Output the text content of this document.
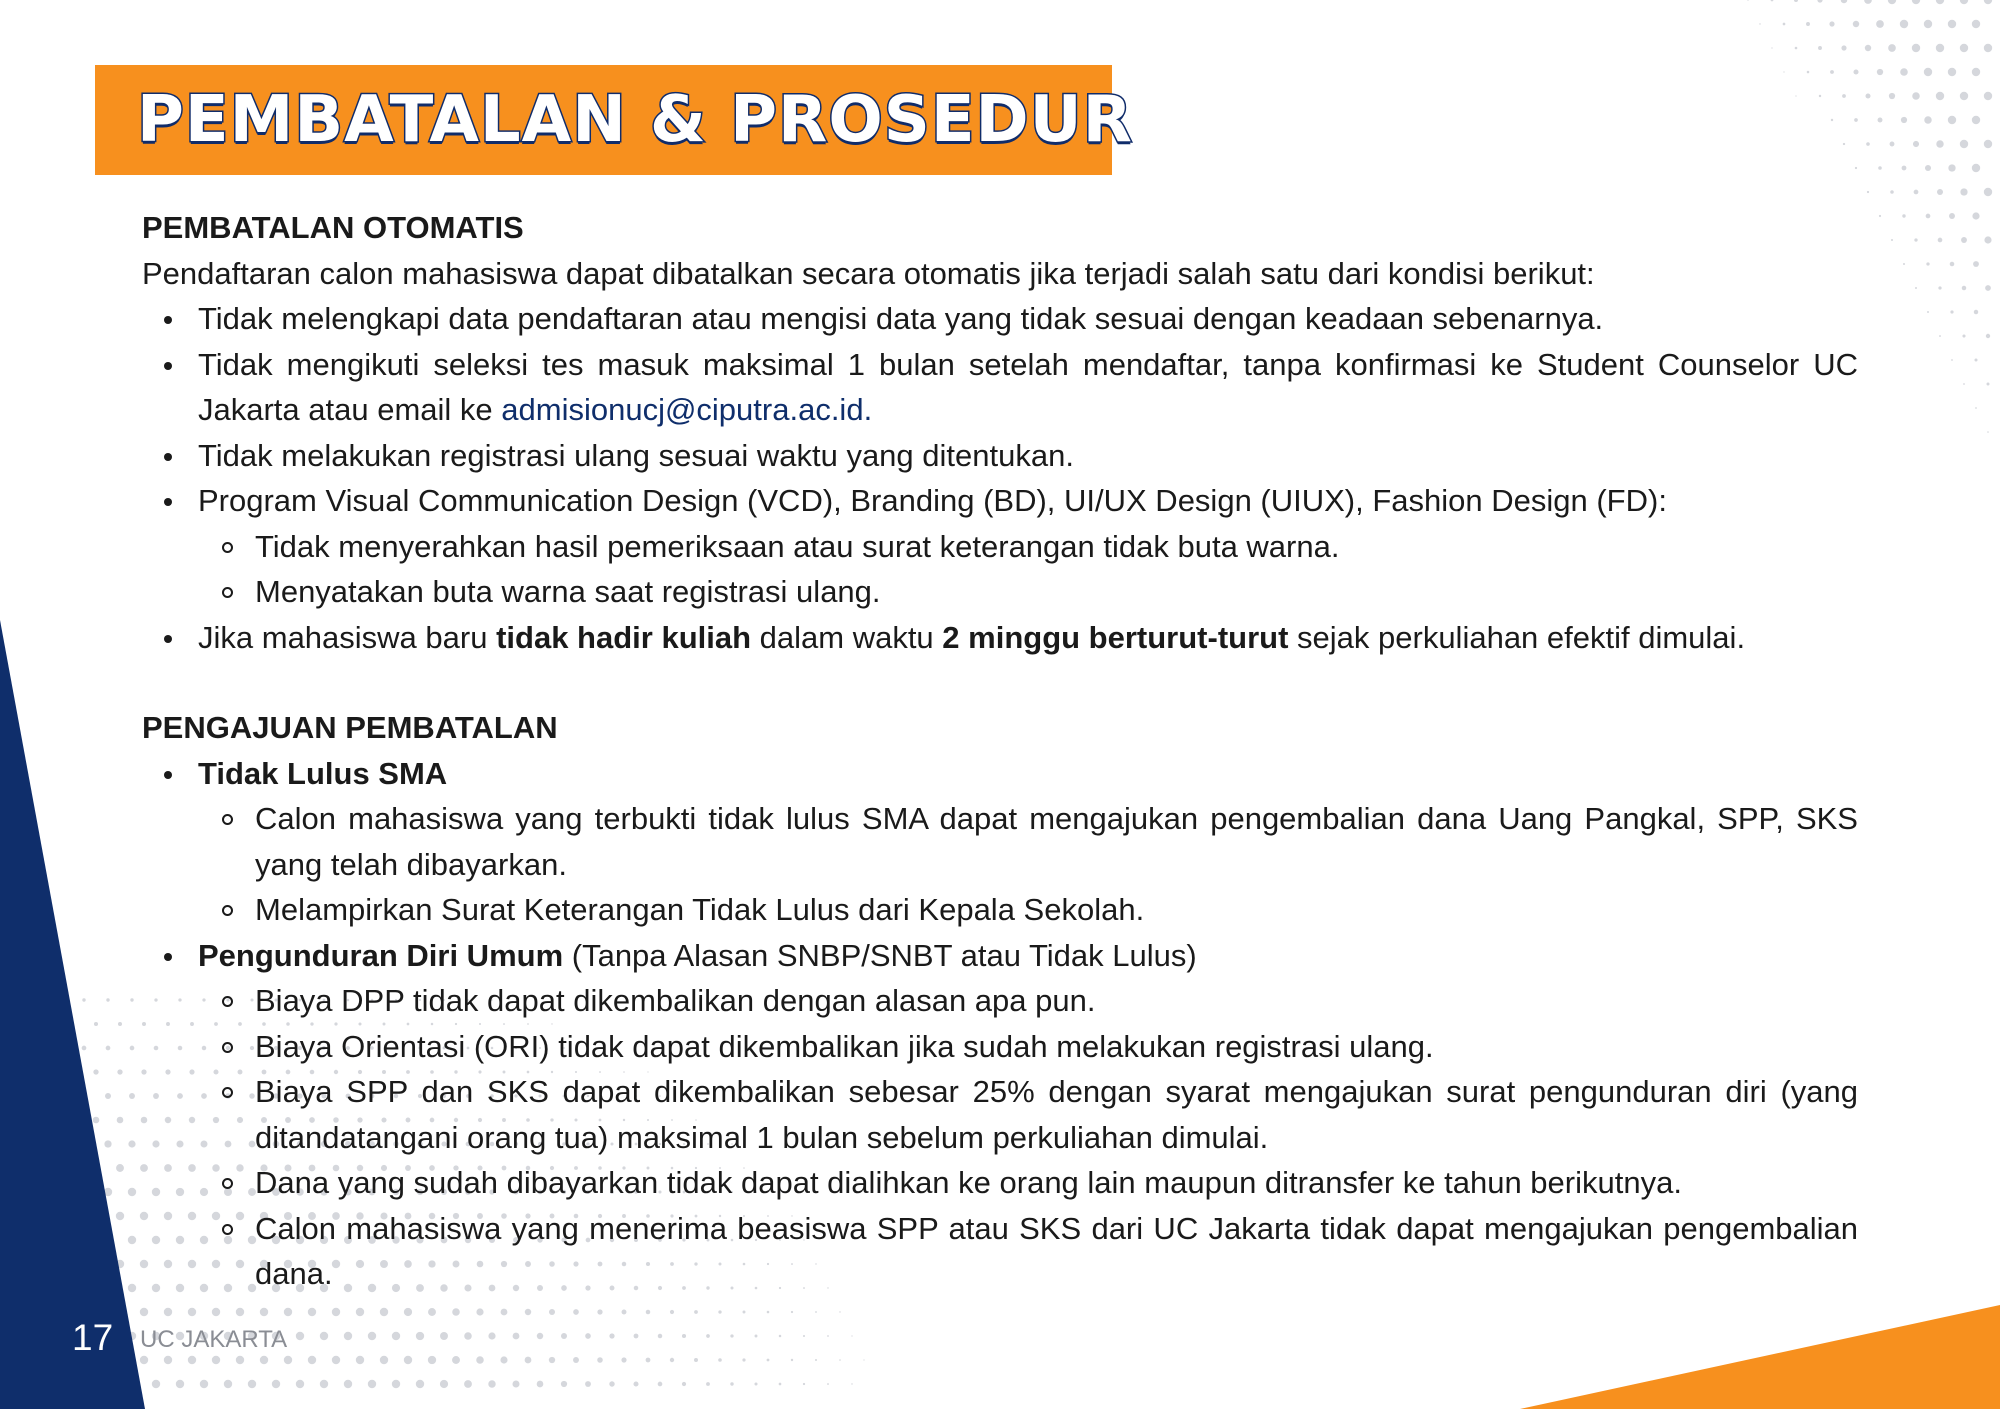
PEMBATALAN & PROSEDUR

PEMBATALAN OTOMATIS

Pendaftaran calon mahasiswa dapat dibatalkan secara otomatis jika terjadi salah satu dari kondisi berikut:

Tidak melengkapi data pendaftaran atau mengisi data yang tidak sesuai dengan keadaan sebenarnya.
Tidak mengikuti seleksi tes masuk maksimal 1 bulan setelah mendaftar, tanpa konfirmasi ke Student Counselor UC Jakarta atau email ke admisionucj@ciputra.ac.id.
Tidak melakukan registrasi ulang sesuai waktu yang ditentukan.
Program Visual Communication Design (VCD), Branding (BD), UI/UX Design (UIUX), Fashion Design (FD):
Tidak menyerahkan hasil pemeriksaan atau surat keterangan tidak buta warna.
Menyatakan buta warna saat registrasi ulang.
Jika mahasiswa baru tidak hadir kuliah dalam waktu 2 minggu berturut-turut sejak perkuliahan efektif dimulai.

PENGAJUAN PEMBATALAN

Tidak Lulus SMA
Calon mahasiswa yang terbukti tidak lulus SMA dapat mengajukan pengembalian dana Uang Pangkal, SPP, SKS yang telah dibayarkan.
Melampirkan Surat Keterangan Tidak Lulus dari Kepala Sekolah.
Pengunduran Diri Umum (Tanpa Alasan SNBP/SNBT atau Tidak Lulus)
Biaya DPP tidak dapat dikembalikan dengan alasan apa pun.
Biaya Orientasi (ORI) tidak dapat dikembalikan jika sudah melakukan registrasi ulang.
Biaya SPP dan SKS dapat dikembalikan sebesar 25% dengan syarat mengajukan surat pengunduran diri (yang ditandatangani orang tua) maksimal 1 bulan sebelum perkuliahan dimulai.
Dana yang sudah dibayarkan tidak dapat dialihkan ke orang lain maupun ditransfer ke tahun berikutnya.
Calon mahasiswa yang menerima beasiswa SPP atau SKS dari UC Jakarta tidak dapat mengajukan pengembalian dana.
17 UC JAKARTA
